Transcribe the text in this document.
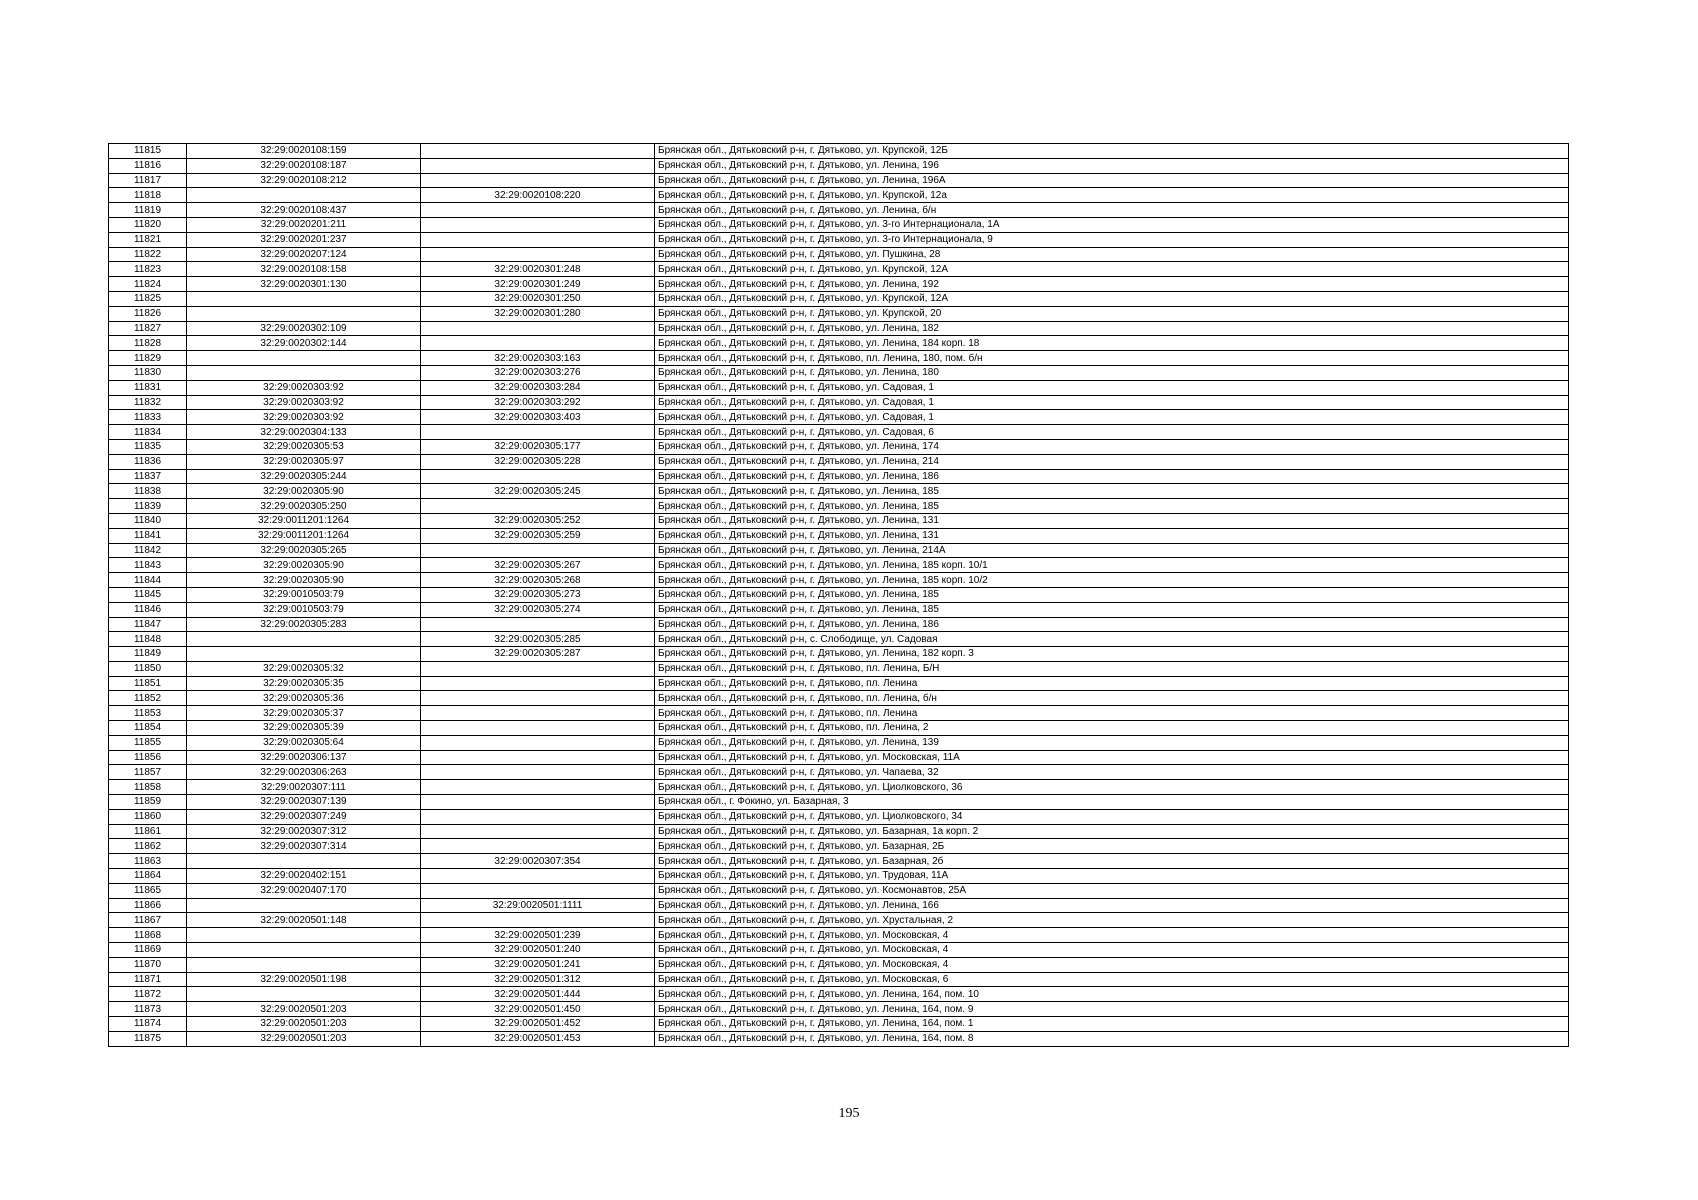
11815	32:29:0020108:159		Брянская обл., Дятьковский р-н, г. Дятьково, ул. Крупской, 12Б
11816	32:29:0020108:187		Брянская обл., Дятьковский р-н, г. Дятьково, ул. Ленина, 196
11817	32:29:0020108:212		Брянская обл., Дятьковский р-н, г. Дятьково, ул. Ленина, 196А
11818		32:29:0020108:220	Брянская обл., Дятьковский р-н, г. Дятьково, ул. Крупской, 12а
11819	32:29:0020108:437		Брянская обл., Дятьковский р-н, г. Дятьково, ул. Ленина, б/н
11820	32:29:0020201:211		Брянская обл., Дятьковский р-н, г. Дятьково, ул. 3-го Интернационала, 1А
11821	32:29:0020201:237		Брянская обл., Дятьковский р-н, г. Дятьково, ул. 3-го Интернационала, 9
11822	32:29:0020207:124		Брянская обл., Дятьковский р-н, г. Дятьково, ул. Пушкина, 28
11823	32:29:0020108:158	32:29:0020301:248	Брянская обл., Дятьковский р-н, г. Дятьково, ул. Крупской, 12А
11824	32:29:0020301:130	32:29:0020301:249	Брянская обл., Дятьковский р-н, г. Дятьково, ул. Ленина, 192
11825		32:29:0020301:250	Брянская обл., Дятьковский р-н, г. Дятьково, ул. Крупской, 12А
11826		32:29:0020301:280	Брянская обл., Дятьковский р-н, г. Дятьково, ул. Крупской, 20
11827	32:29:0020302:109		Брянская обл., Дятьковский р-н, г. Дятьково, ул. Ленина, 182
11828	32:29:0020302:144		Брянская обл., Дятьковский р-н, г. Дятьково, ул. Ленина, 184 корп. 18
11829		32:29:0020303:163	Брянская обл., Дятьковский р-н, г. Дятьково, пл. Ленина, 180, пом. б/н
11830		32:29:0020303:276	Брянская обл., Дятьковский р-н, г. Дятьково, ул. Ленина, 180
11831	32:29:0020303:92	32:29:0020303:284	Брянская обл., Дятьковский р-н, г. Дятьково, ул. Садовая, 1
11832	32:29:0020303:92	32:29:0020303:292	Брянская обл., Дятьковский р-н, г. Дятьково, ул. Садовая, 1
11833	32:29:0020303:92	32:29:0020303:403	Брянская обл., Дятьковский р-н, г. Дятьково, ул. Садовая, 1
11834	32:29:0020304:133		Брянская обл., Дятьковский р-н, г. Дятьково, ул. Садовая, 6
11835	32:29:0020305:53	32:29:0020305:177	Брянская обл., Дятьковский р-н, г. Дятьково, ул. Ленина, 174
11836	32:29:0020305:97	32:29:0020305:228	Брянская обл., Дятьковский р-н, г. Дятьково, ул. Ленина, 214
11837	32:29:0020305:244		Брянская обл., Дятьковский р-н, г. Дятьково, ул. Ленина, 186
11838	32:29:0020305:90	32:29:0020305:245	Брянская обл., Дятьковский р-н, г. Дятьково, ул. Ленина, 185
11839	32:29:0020305:250		Брянская обл., Дятьковский р-н, г. Дятьково, ул. Ленина, 185
11840	32:29:0011201:1264	32:29:0020305:252	Брянская обл., Дятьковский р-н, г. Дятьково, ул. Ленина, 131
11841	32:29:0011201:1264	32:29:0020305:259	Брянская обл., Дятьковский р-н, г. Дятьково, ул. Ленина, 131
11842	32:29:0020305:265		Брянская обл., Дятьковский р-н, г. Дятьково, ул. Ленина, 214А
11843	32:29:0020305:90	32:29:0020305:267	Брянская обл., Дятьковский р-н, г. Дятьково, ул. Ленина, 185 корп. 10/1
11844	32:29:0020305:90	32:29:0020305:268	Брянская обл., Дятьковский р-н, г. Дятьково, ул. Ленина, 185 корп. 10/2
11845	32:29:0010503:79	32:29:0020305:273	Брянская обл., Дятьковский р-н, г. Дятьково, ул. Ленина, 185
11846	32:29:0010503:79	32:29:0020305:274	Брянская обл., Дятьковский р-н, г. Дятьково, ул. Ленина, 185
11847	32:29:0020305:283		Брянская обл., Дятьковский р-н, г. Дятьково, ул. Ленина, 186
11848		32:29:0020305:285	Брянская обл., Дятьковский р-н, с. Слободище, ул. Садовая
11849		32:29:0020305:287	Брянская обл., Дятьковский р-н, г. Дятьково, ул. Ленина, 182 корп. 3
11850	32:29:0020305:32		Брянская обл., Дятьковский р-н, г. Дятьково, пл. Ленина, Б/Н
11851	32:29:0020305:35		Брянская обл., Дятьковский р-н, г. Дятьково, пл. Ленина
11852	32:29:0020305:36		Брянская обл., Дятьковский р-н, г. Дятьково, пл. Ленина, б/н
11853	32:29:0020305:37		Брянская обл., Дятьковский р-н, г. Дятьково, пл. Ленина
11854	32:29:0020305:39		Брянская обл., Дятьковский р-н, г. Дятьково, пл. Ленина, 2
11855	32:29:0020305:64		Брянская обл., Дятьковский р-н, г. Дятьково, ул. Ленина, 139
11856	32:29:0020306:137		Брянская обл., Дятьковский р-н, г. Дятьково, ул. Московская, 11А
11857	32:29:0020306:263		Брянская обл., Дятьковский р-н, г. Дятьково, ул. Чапаева, 32
11858	32:29:0020307:111		Брянская обл., Дятьковский р-н, г. Дятьково, ул. Циолковского, 36
11859	32:29:0020307:139		Брянская обл., г. Фокино, ул. Базарная, 3
11860	32:29:0020307:249		Брянская обл., Дятьковский р-н, г. Дятьково, ул. Циолковского, 34
11861	32:29:0020307:312		Брянская обл., Дятьковский р-н, г. Дятьково, ул. Базарная, 1а корп. 2
11862	32:29:0020307:314		Брянская обл., Дятьковский р-н, г. Дятьково, ул. Базарная, 2Б
11863		32:29:0020307:354	Брянская обл., Дятьковский р-н, г. Дятьково, ул. Базарная, 2б
11864	32:29:0020402:151		Брянская обл., Дятьковский р-н, г. Дятьково, ул. Трудовая, 11А
11865	32:29:0020407:170		Брянская обл., Дятьковский р-н, г. Дятьково, ул. Космонавтов, 25А
11866		32:29:0020501:1111	Брянская обл., Дятьковский р-н, г. Дятьково, ул. Ленина, 166
11867	32:29:0020501:148		Брянская обл., Дятьковский р-н, г. Дятьково, ул. Хрустальная, 2
11868		32:29:0020501:239	Брянская обл., Дятьковский р-н, г. Дятьково, ул. Московская, 4
11869		32:29:0020501:240	Брянская обл., Дятьковский р-н, г. Дятьково, ул. Московская, 4
11870		32:29:0020501:241	Брянская обл., Дятьковский р-н, г. Дятьково, ул. Московская, 4
11871	32:29:0020501:198	32:29:0020501:312	Брянская обл., Дятьковский р-н, г. Дятьково, ул. Московская, 6
11872		32:29:0020501:444	Брянская обл., Дятьковский р-н, г. Дятьково, ул. Ленина, 164, пом. 10
11873	32:29:0020501:203	32:29:0020501:450	Брянская обл., Дятьковский р-н, г. Дятьково, ул. Ленина, 164, пом. 9
11874	32:29:0020501:203	32:29:0020501:452	Брянская обл., Дятьковский р-н, г. Дятьково, ул. Ленина, 164, пом. 1
11875	32:29:0020501:203	32:29:0020501:453	Брянская обл., Дятьковский р-н, г. Дятьково, ул. Ленина, 164, пом. 8
195
